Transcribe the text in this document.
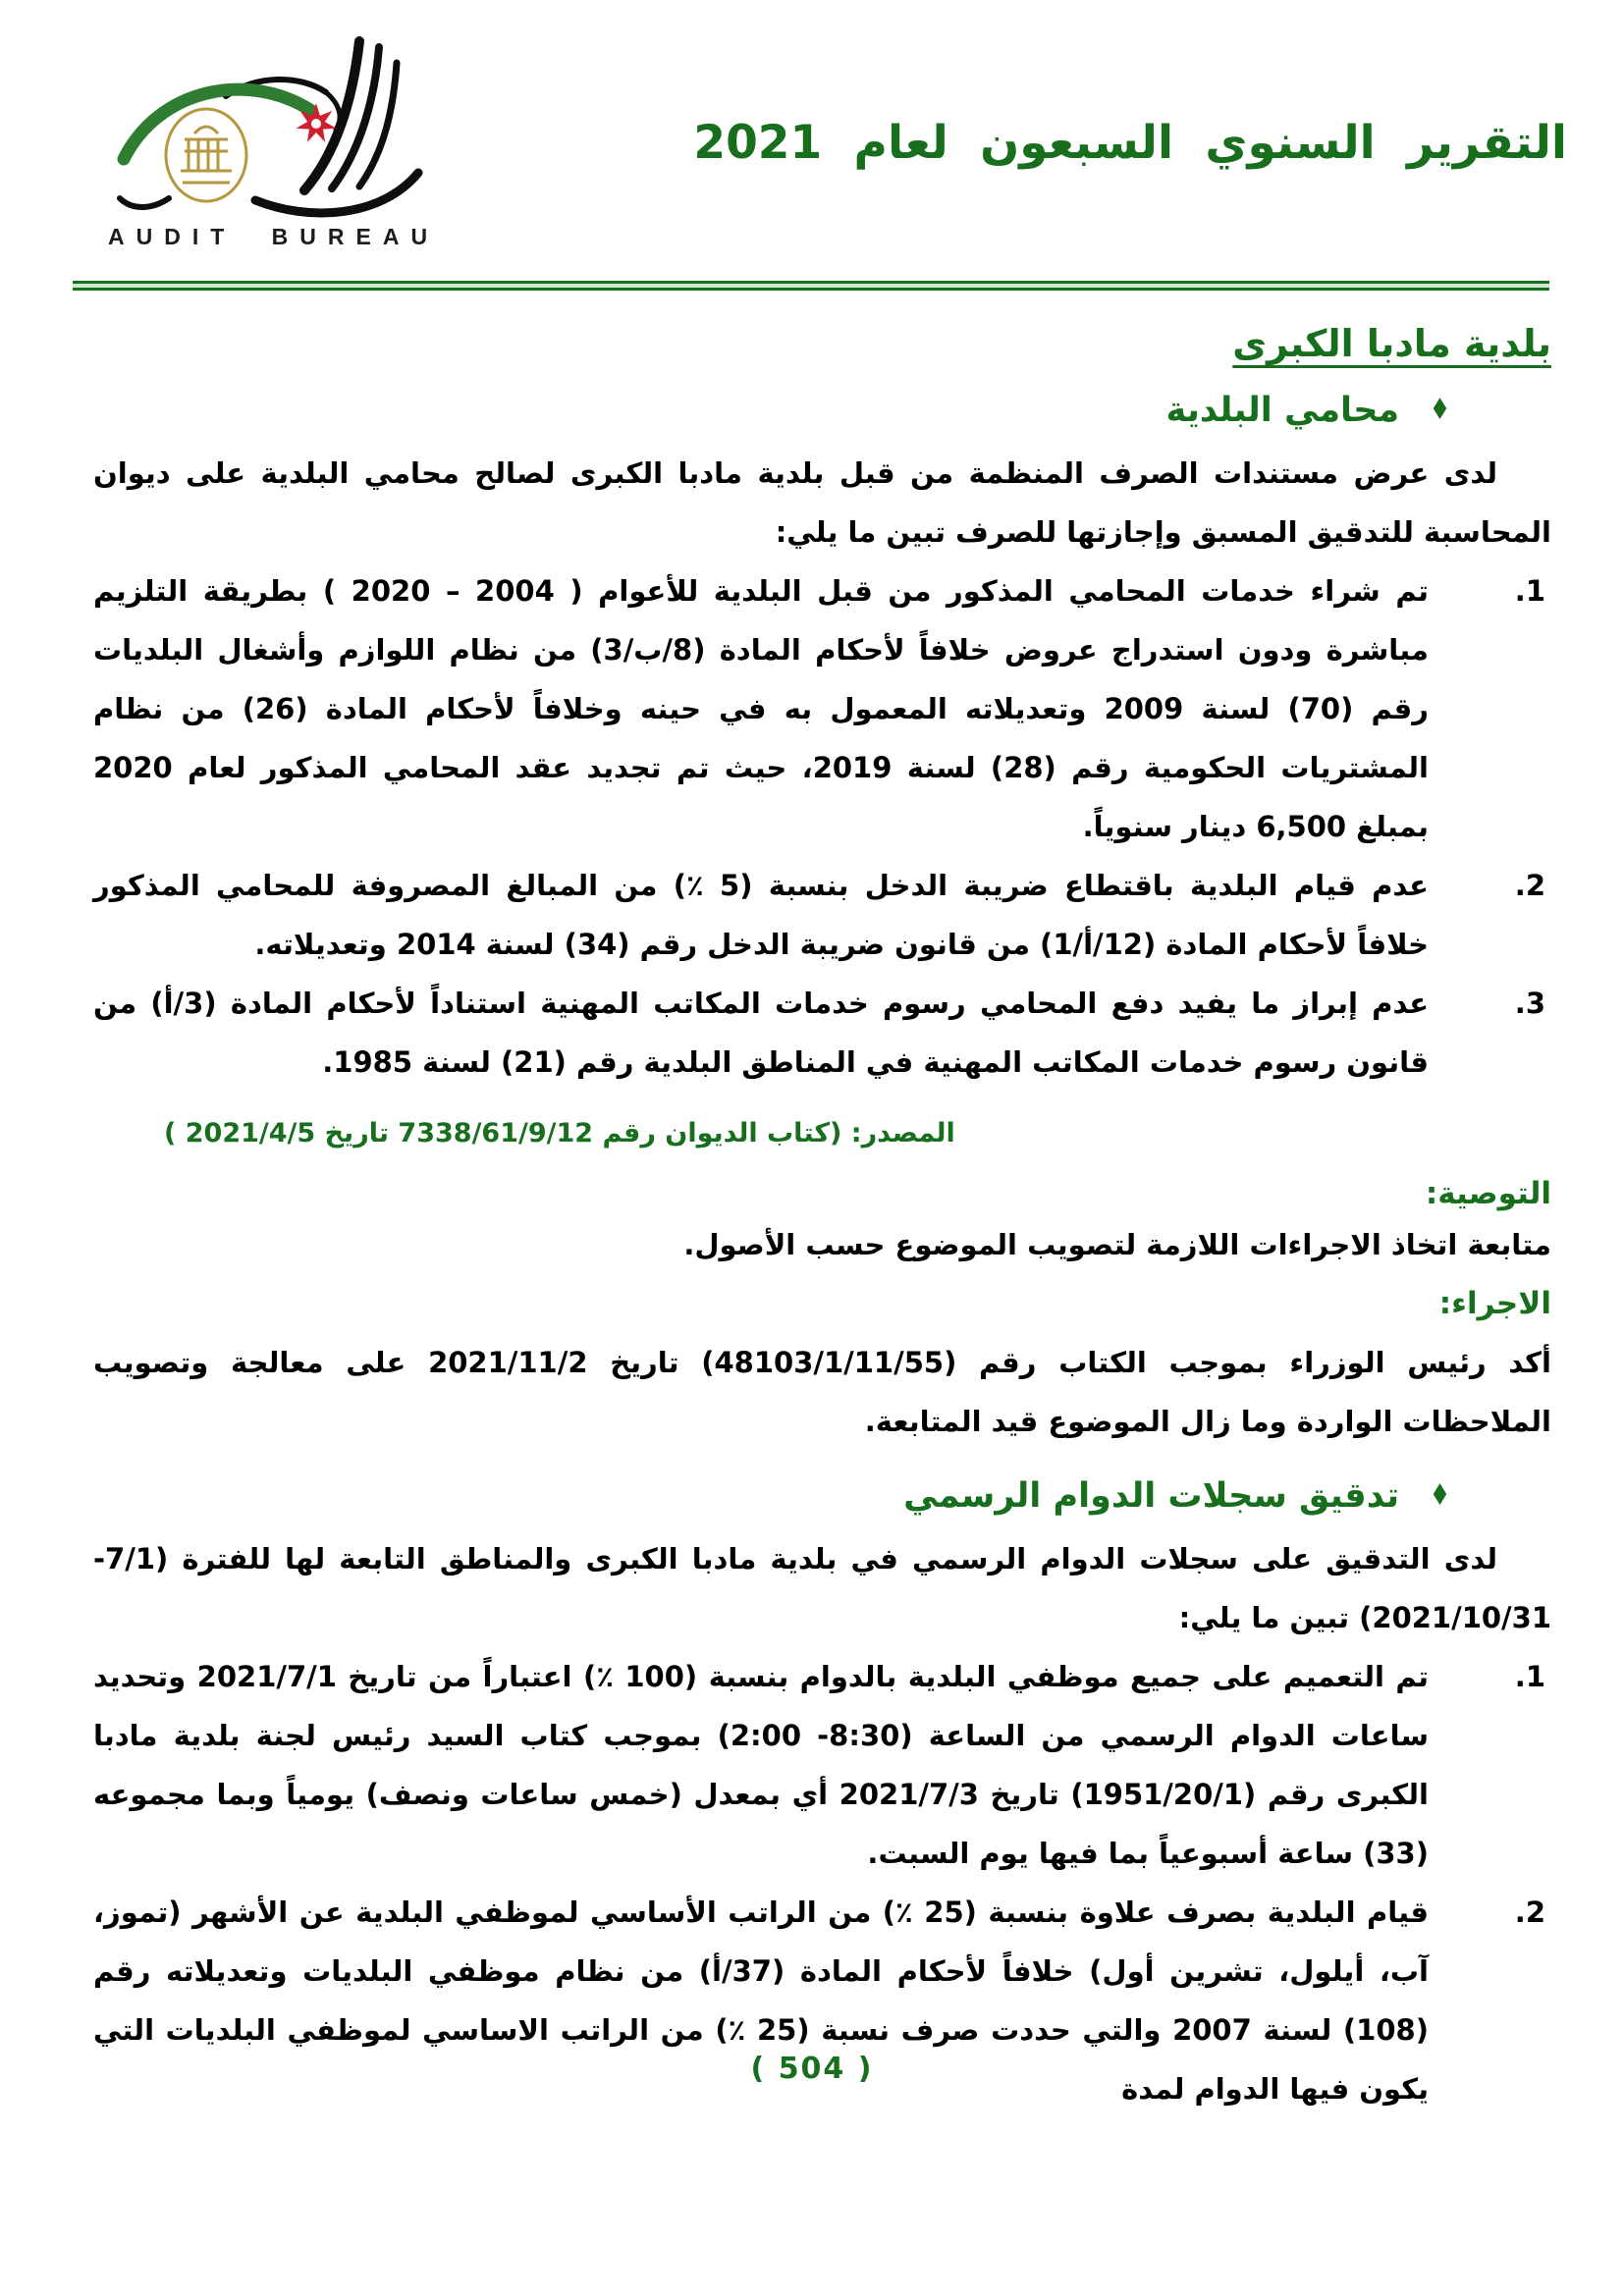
AUDIT BUREAU
التقرير السنوي السبعون لعام 2021
بلدية مادبا الكبرى
♦
محامي البلدية

لدى عرض مستندات الصرف المنظمة من قبل بلدية مادبا الكبرى لصالح محامي البلدية على ديوان المحاسبة للتدقيق المسبق وإجازتها للصرف تبين ما يلي:

1.
تم شراء خدمات المحامي المذكور من قبل البلدية للأعوام ( 2004 – 2020 ) بطريقة التلزيم مباشرة ودون استدراج عروض خلافاً لأحكام المادة (8/ب/3) من نظام اللوازم وأشغال البلديات رقم (70) لسنة 2009 وتعديلاته المعمول به في حينه وخلافاً لأحكام المادة (26) من نظام المشتريات الحكومية رقم (28) لسنة 2019، حيث تم تجديد عقد المحامي المذكور لعام 2020 بمبلغ 6,500 دينار سنوياً.
2.
عدم قيام البلدية باقتطاع ضريبة الدخل بنسبة (5 ٪) من المبالغ المصروفة للمحامي المذكور خلافاً لأحكام المادة (12/أ/1) من قانون ضريبة الدخل رقم (34) لسنة 2014 وتعديلاته.
3.
عدم إبراز ما يفيد دفع المحامي رسوم خدمات المكاتب المهنية استناداً لأحكام المادة (3/أ) من قانون رسوم خدمات المكاتب المهنية في المناطق البلدية رقم (21) لسنة 1985.
المصدر: (كتاب الديوان رقم 7338/61/9/12 تاريخ 2021/4/5 )
التوصية:

متابعة اتخاذ الاجراءات اللازمة لتصويب الموضوع حسب الأصول.

الاجراء:

أكد رئيس الوزراء بموجب الكتاب رقم (48103/1/11/55) تاريخ 2021/11/2 على معالجة وتصويب الملاحظات الواردة وما زال الموضوع قيد المتابعة.

♦
تدقيق سجلات الدوام الرسمي

لدى التدقيق على سجلات الدوام الرسمي في بلدية مادبا الكبرى والمناطق التابعة لها للفترة (7/1- 2021/10/31) تبين ما يلي:

1.
تم التعميم على جميع موظفي البلدية بالدوام بنسبة (100 ٪) اعتباراً من تاريخ 2021/7/1 وتحديد ساعات الدوام الرسمي من الساعة (8:30- 2:00) بموجب كتاب السيد رئيس لجنة بلدية مادبا الكبرى رقم (1951/20/1) تاريخ 2021/7/3 أي بمعدل (خمس ساعات ونصف) يومياً وبما مجموعه (33) ساعة أسبوعياً بما فيها يوم السبت.
2.
قيام البلدية بصرف علاوة بنسبة (25 ٪) من الراتب الأساسي لموظفي البلدية عن الأشهر (تموز، آب، أيلول، تشرين أول) خلافاً لأحكام المادة (37/أ) من نظام موظفي البلديات وتعديلاته رقم (108) لسنة 2007 والتي حددت صرف نسبة (25 ٪) من الراتب الاساسي لموظفي البلديات التي يكون فيها الدوام لمدة
( 504 )
